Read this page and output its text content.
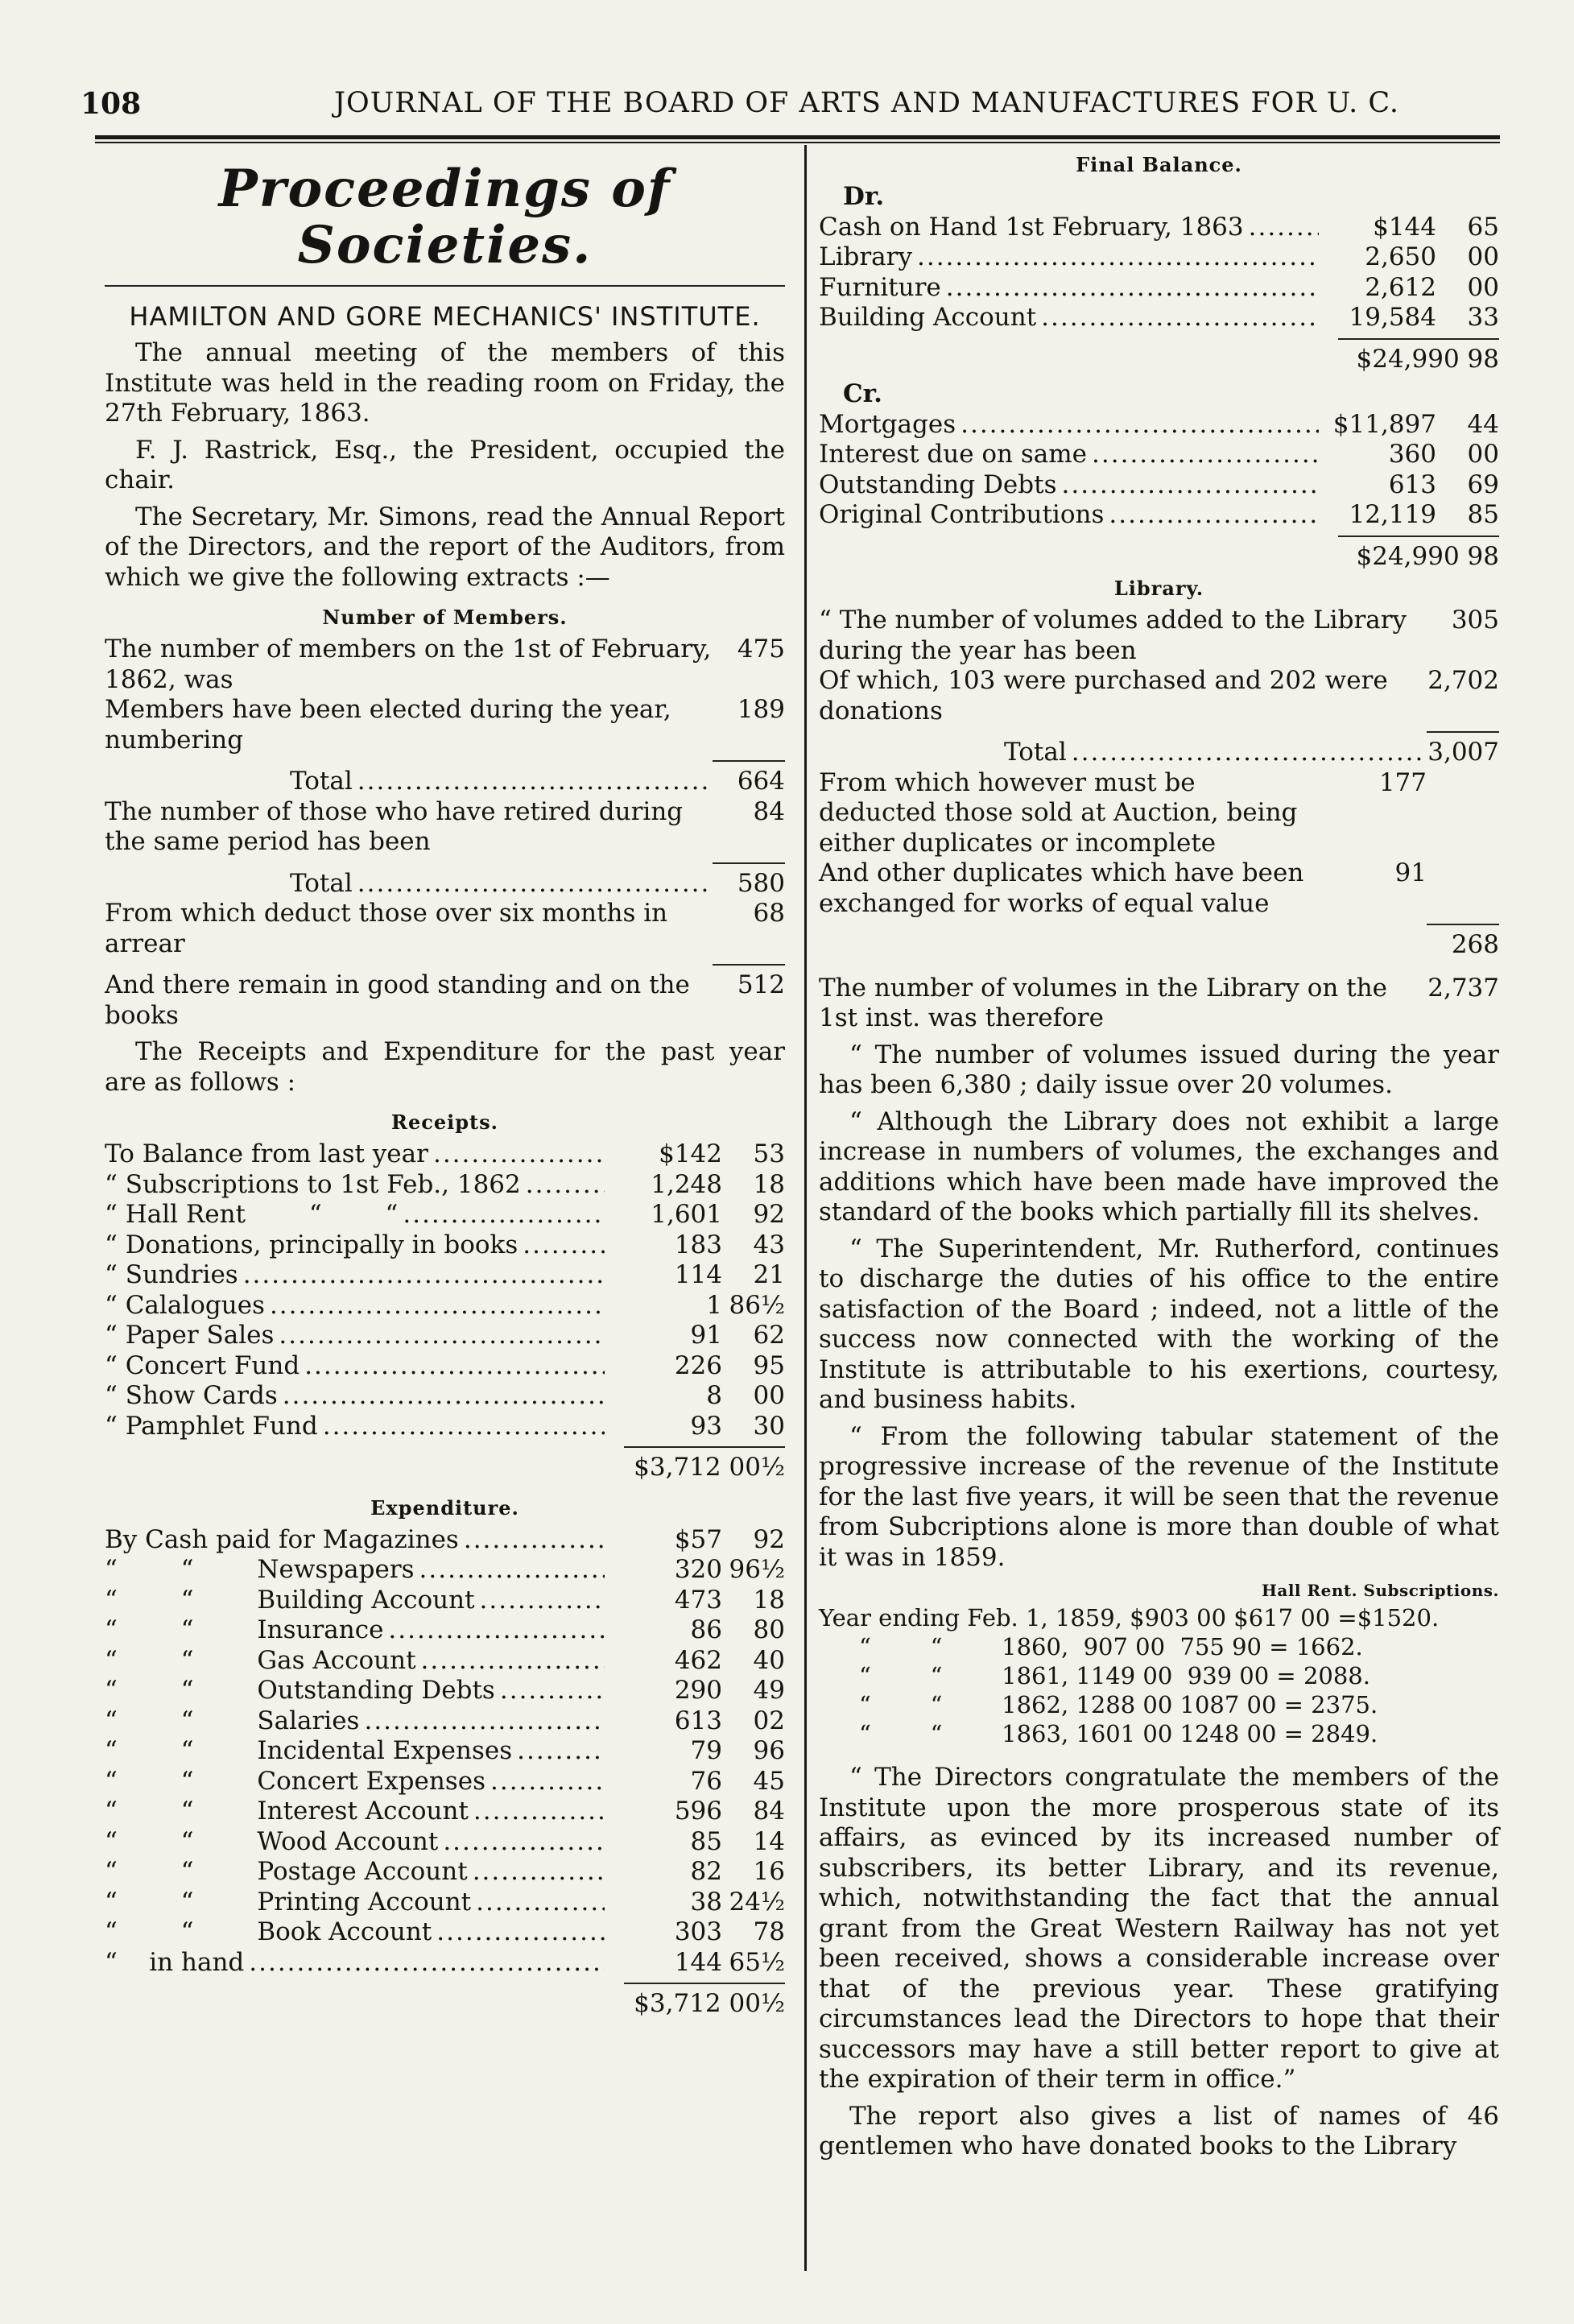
108	JOURNAL OF THE BOARD OF ARTS AND MANUFACTURES FOR U. C.
Proceedings of Societies.
HAMILTON AND GORE MECHANICS' INSTITUTE.

The annual meeting of the members of this Institute was held in the reading room on Friday, the 27th February, 1863.

F. J. Rastrick, Esq., the President, occupied the chair.

The Secretary, Mr. Simons, read the Annual Report of the Directors, and the report of the Auditors, from which we give the following extracts :—

Number of Members.
The number of members on the 1st of February, 1862, was
475
Members have been elected during the year, numbering
189
Total .....	664
The number of those who have retired during the same period has been
84
Total .....	580
From which deduct those over six months in arrear
68
And there remain in good standing and on the books
512

The Receipts and Expenditure for the past year are as follows :

Receipts.
To Balance from last year .....	$142	53
“ Subscriptions to 1st Feb., 1862 .....	1,248	18
“ Hall Rent        “        “ .....	1,601	92
“ Donations, principally in books .....	183	43
“ Sundries .....	114	21
“ Calalogues .....	1 86½
“ Paper Sales .....	91	62
“ Concert Fund .....	226	95
“ Show Cards .....	8	00
“ Pamphlet Fund .....	93	30
$3,712 00½
Expenditure.
By Cash paid for Magazines .....	$57	92
“        “        Newspapers .....	320 96½
“        “        Building Account .....	473	18
“        “        Insurance .....	86	80
“        “        Gas Account .....	462	40
“        “        Outstanding Debts .....	290	49
“        “        Salaries .....	613	02
“        “        Incidental Expenses .....	79	96
“        “        Concert Expenses .....	76	45
“        “        Interest Account .....	596	84
“        “        Wood Account .....	85	14
“        “        Postage Account .....	82	16
“        “        Printing Account .....	38 24½
“        “        Book Account .....	303	78
“    in hand .....	144 65½
$3,712 00½
Final Balance.
Dr.
Cash on Hand 1st February, 1863 .....	$144	65
Library .....	2,650	00
Furniture .....	2,612	00
Building Account .....	19,584	33
$24,990 98
Cr.
Mortgages .....	$11,897	44
Interest due on same .....	360	00
Outstanding Debts .....	613	69
Original Contributions .....	12,119	85
$24,990 98
Library.
“ The number of volumes added to the Library during the year has been
305
Of which, 103 were purchased and 202 were donations
2,702
Total .....	3,007
From which however must be deducted those sold at Auction, being either duplicates or incomplete
177
And other duplicates which have been exchanged for works of equal value
91
268
The number of volumes in the Library on the 1st inst. was therefore
2,737

“ The number of volumes issued during the year has been 6,380 ; daily issue over 20 volumes.

“ Although the Library does not exhibit a large increase in numbers of volumes, the exchanges and additions which have been made have improved the standard of the books which partially fill its shelves.

“ The Superintendent, Mr. Rutherford, continues to discharge the duties of his office to the entire satisfaction of the Board ; indeed, not a little of the success now connected with the working of the Institute is attributable to his exertions, courtesy, and business habits.

“ From the following tabular statement of the progressive increase of the revenue of the Institute for the last five years, it will be seen that the revenue from Subcriptions alone is more than double of what it was in 1859.

Hall Rent. Subscriptions.
Year ending Feb. 1, 1859, $903 00 $617 00 =$1520.
“        “        1860,  907 00  755 90 = 1662.
“        “        1861, 1149 00  939 00 = 2088.
“        “        1862, 1288 00 1087 00 = 2375.
“        “        1863, 1601 00 1248 00 = 2849.

“ The Directors congratulate the members of the Institute upon the more prosperous state of its affairs, as evinced by its increased number of subscribers, its better Library, and its revenue, which, notwithstanding the fact that the annual grant from the Great Western Railway has not yet been received, shows a considerable increase over that of the previous year. These gratifying circumstances lead the Directors to hope that their successors may have a still better report to give at the expiration of their term in office.”

The report also gives a list of names of 46 gentlemen who have donated books to the Library
